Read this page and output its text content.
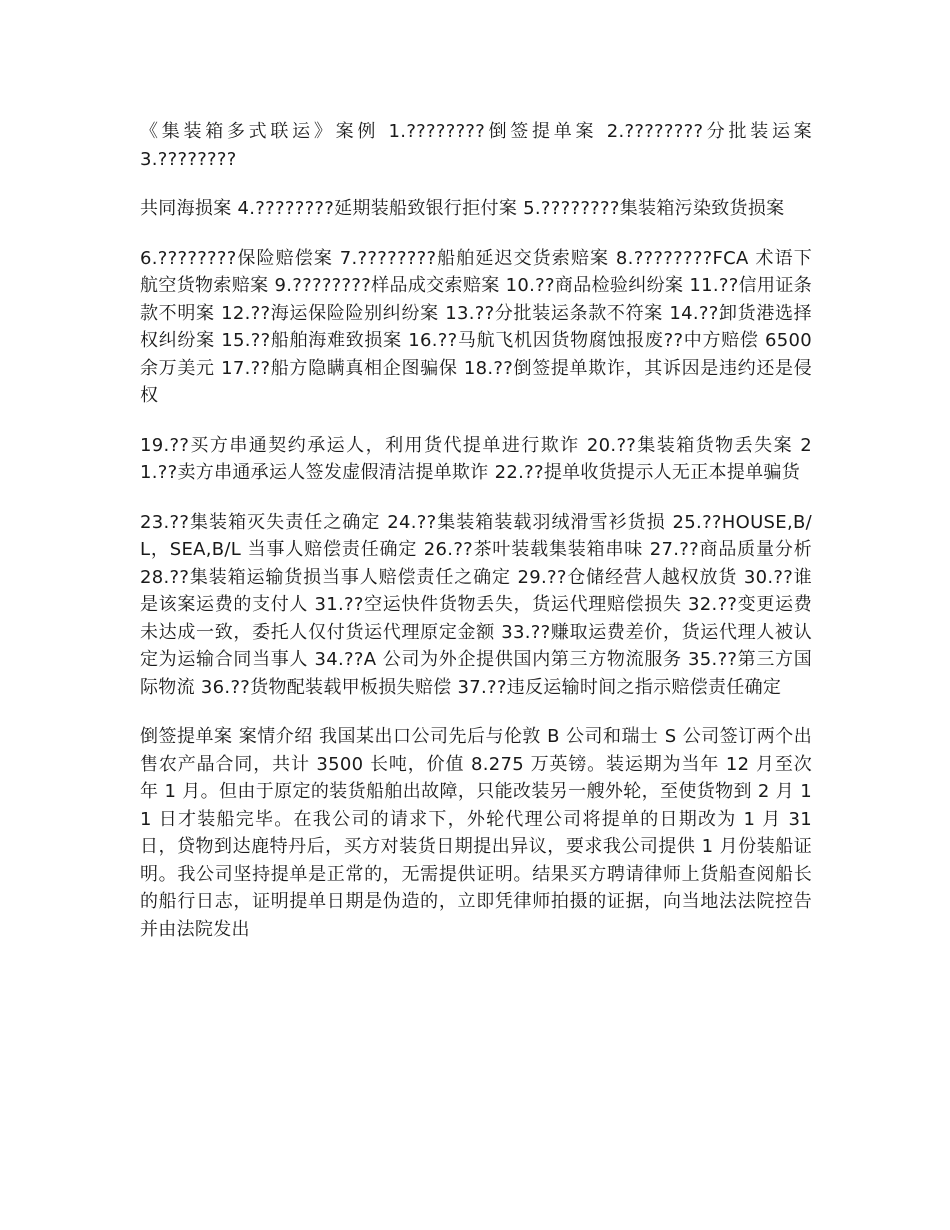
《集装箱多式联运》案例 1.????????倒签提单案 2.????????分批装运案 3.????????

共同海损案 4.????????延期装船致银行拒付案 5.????????集装箱污染致货损案

6.????????保险赔偿案 7.????????船舶延迟交货索赔案 8.????????FCA 术语下航空货物索赔案 9.????????样品成交索赔案 10.??商品检验纠纷案 11.??信用证条款不明案 12.??海运保险险别纠纷案 13.??分批装运条款不符案 14.??卸货港选择权纠纷案 15.??船舶海难致损案 16.??马航飞机因货物腐蚀报废??中方赔偿 6500 余万美元 17.??船方隐瞒真相企图骗保 18.??倒签提单欺诈，其诉因是违约还是侵权

19.??买方串通契约承运人，利用货代提单进行欺诈 20.??集装箱货物丢失案 21.??卖方串通承运人签发虚假清洁提单欺诈 22.??提单收货提示人无正本提单骗货

23.??集装箱灭失责任之确定 24.??集装箱装载羽绒滑雪衫货损 25.??HOUSE,B/L，SEA,B/L 当事人赔偿责任确定 26.??茶叶装载集装箱串味 27.??商品质量分析 28.??集装箱运输货损当事人赔偿责任之确定 29.??仓储经营人越权放货 30.??谁是该案运费的支付人 31.??空运快件货物丢失，货运代理赔偿损失 32.??变更运费未达成一致，委托人仅付货运代理原定金额 33.??赚取运费差价，货运代理人被认定为运输合同当事人 34.??A 公司为外企提供国内第三方物流服务 35.??第三方国际物流 36.??货物配装载甲板损失赔偿 37.??违反运输时间之指示赔偿责任确定

倒签提单案 案情介绍 我国某出口公司先后与伦敦 B 公司和瑞士 S 公司签订两个出售农产晶合同，共计 3500 长吨，价值 8.275 万英镑。装运期为当年 12 月至次年 1 月。但由于原定的装货船舶出故障，只能改装另一艘外轮，至使货物到 2 月 11 日才装船完毕。在我公司的请求下，外轮代理公司将提单的日期改为 1 月 31 日，贷物到达鹿特丹后，买方对装货日期提出异议，要求我公司提供 1 月份装船证明。我公司坚持提单是正常的，无需提供证明。结果买方聘请律师上货船查阅船长的船行日志，证明提单日期是伪造的，立即凭律师拍摄的证据，向当地法法院控告并由法院发出
